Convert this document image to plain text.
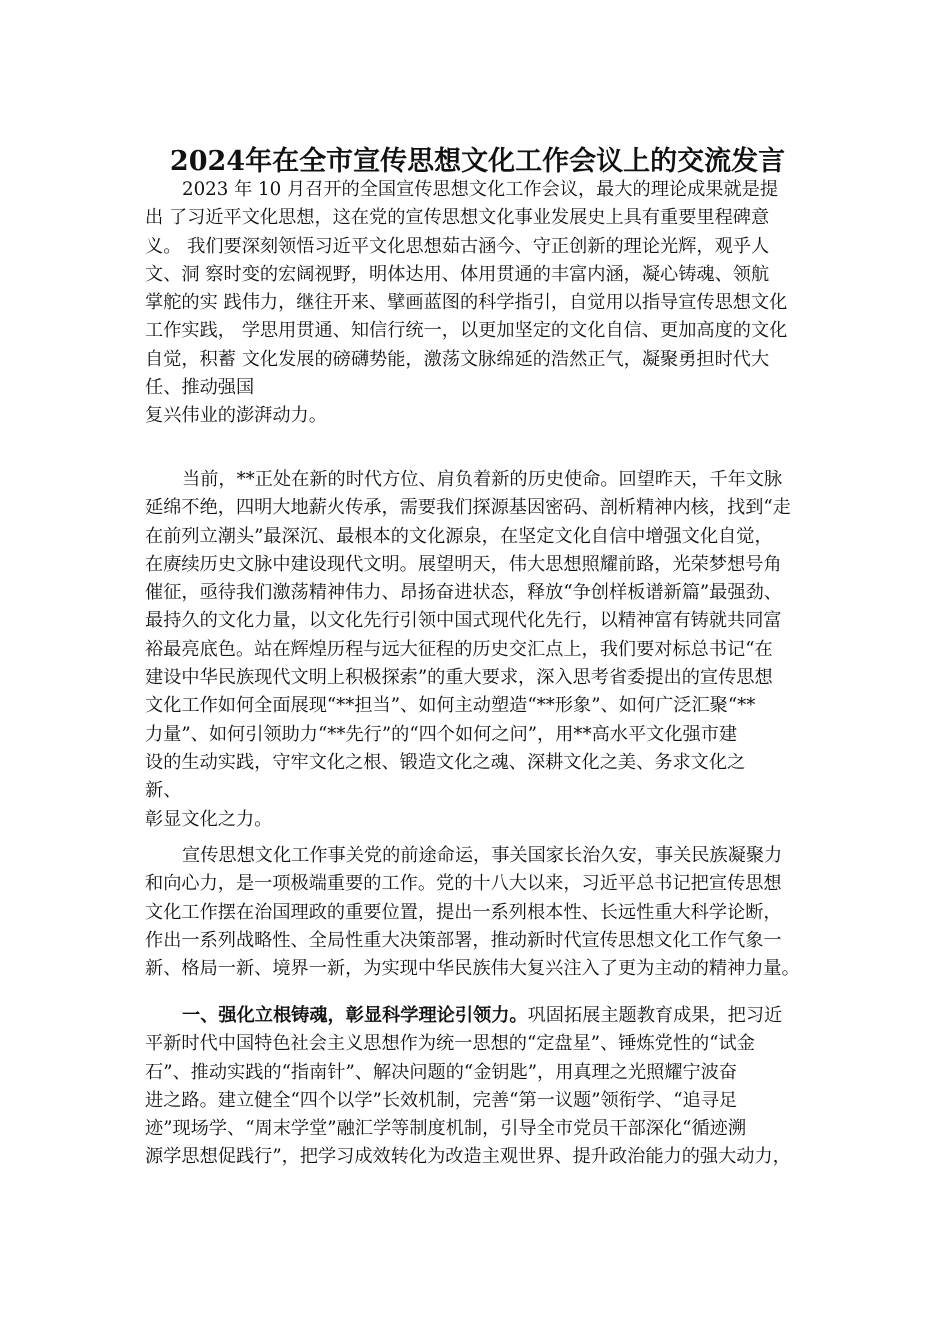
2024年在全市宣传思想文化工作会议上的交流发言
2023 年 10 月召开的全国宣传思想文化工作会议，最大的理论成果就是提
出 了习近平文化思想，这在党的宣传思想文化事业发展史上具有重要里程碑意
义。 我们要深刻领悟习近平文化思想茹古涵今、守正创新的理论光辉，观乎人
文、洞 察时变的宏阔视野，明体达用、体用贯通的丰富内涵，凝心铸魂、领航
掌舵的实 践伟力，继往开来、擘画蓝图的科学指引，自觉用以指导宣传思想文化
工作实践， 学思用贯通、知信行统一，以更加坚定的文化自信、更加高度的文化
自觉，积蓄 文化发展的磅礴势能，激荡文脉绵延的浩然正气，凝聚勇担时代大
任、推动强国
复兴伟业的澎湃动力。
当前，**正处在新的时代方位、肩负着新的历史使命。回望昨天，千年文脉
延绵不绝，四明大地薪火传承，需要我们探源基因密码、剖析精神内核，找到“走
在前列立潮头”最深沉、最根本的文化源泉，在坚定文化自信中增强文化自觉，
在赓续历史文脉中建设现代文明。展望明天，伟大思想照耀前路，光荣梦想号角
催征，亟待我们激荡精神伟力、昂扬奋进状态，释放“争创样板谱新篇”最强劲、
最持久的文化力量，以文化先行引领中国式现代化先行，以精神富有铸就共同富
裕最亮底色。站在辉煌历程与远大征程的历史交汇点上，我们要对标总书记“在
建设中华民族现代文明上积极探索”的重大要求，深入思考省委提出的宣传思想
文化工作如何全面展现“**担当”、如何主动塑造“**形象”、如何广泛汇聚“**
力量”、如何引领助力“**先行”的“四个如何之问”，用**高水平文化强市建
设的生动实践，守牢文化之根、锻造文化之魂、深耕文化之美、务求文化之
新、
彰显文化之力。
宣传思想文化工作事关党的前途命运，事关国家长治久安，事关民族凝聚力
和向心力，是一项极端重要的工作。党的十八大以来，习近平总书记把宣传思想
文化工作摆在治国理政的重要位置，提出一系列根本性、长远性重大科学论断，
作出一系列战略性、全局性重大决策部署，推动新时代宣传思想文化工作气象一
新、格局一新、境界一新，为实现中华民族伟大复兴注入了更为主动的精神力量。
一、强化立根铸魂，彰显科学理论引领力。巩固拓展主题教育成果，把习近
平新时代中国特色社会主义思想作为统一思想的“定盘星”、锤炼党性的“试金
石”、推动实践的“指南针”、解决问题的“金钥匙”，用真理之光照耀宁波奋
进之路。建立健全“四个以学”长效机制，完善“第一议题”领衔学、“追寻足
迹”现场学、“周末学堂”融汇学等制度机制，引导全市党员干部深化“循迹溯
源学思想促践行”，把学习成效转化为改造主观世界、提升政治能力的强大动力，
